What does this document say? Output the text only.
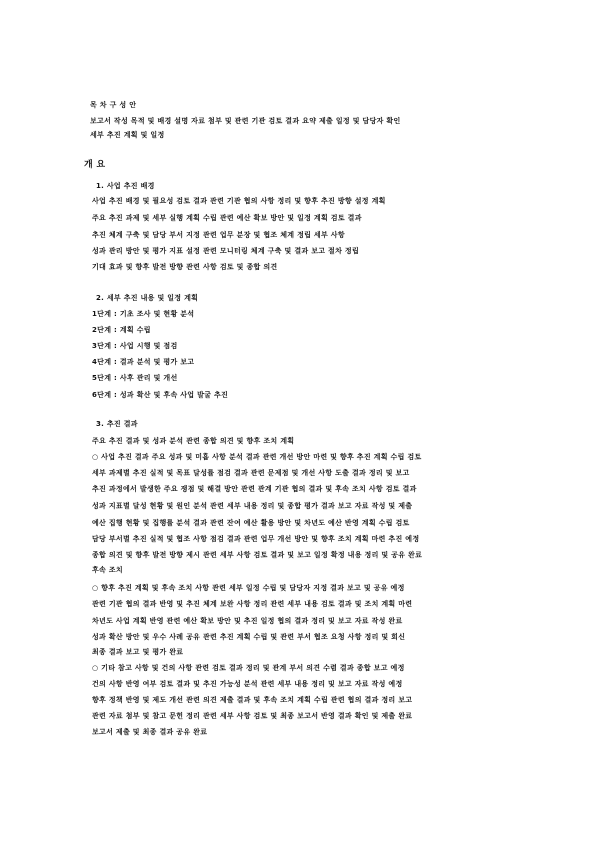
목 차 구 성 안
보고서 작성 목적 및 배경 설명 자료 첨부 및 관련 기관 검토 결과 요약 제출 일정 및 담당자 확인
세부 추진 계획 및 일정
개 요
1. 사업 추진 배경
사업 추진 배경 및 필요성 검토 결과 관련 기관 협의 사항 정리 및 향후 추진 방향 설정 계획
주요 추진 과제 및 세부 실행 계획 수립 관련 예산 확보 방안 및 일정 계획 검토 결과
추진 체계 구축 및 담당 부서 지정 관련 업무 분장 및 협조 체계 정립 세부 사항
성과 관리 방안 및 평가 지표 설정 관련 모니터링 체계 구축 및 결과 보고 절차 정립
기대 효과 및 향후 발전 방향 관련 사항 검토 및 종합 의견
2. 세부 추진 내용 및 일정 계획
1단계 : 기초 조사 및 현황 분석
2단계 : 계획 수립
3단계 : 사업 시행 및 점검
4단계 : 결과 분석 및 평가 보고
5단계 : 사후 관리 및 개선
6단계 : 성과 확산 및 후속 사업 발굴 추진
3. 추진 결과
주요 추진 결과 및 성과 분석 관련 종합 의견 및 향후 조치 계획
○ 사업 추진 결과 주요 성과 및 미흡 사항 분석 결과 관련 개선 방안 마련 및 향후 추진 계획 수립 검토
세부 과제별 추진 실적 및 목표 달성률 점검 결과 관련 문제점 및 개선 사항 도출 결과 정리 및 보고
추진 과정에서 발생한 주요 쟁점 및 해결 방안 관련 관계 기관 협의 결과 및 후속 조치 사항 검토 결과
성과 지표별 달성 현황 및 원인 분석 관련 세부 내용 정리 및 종합 평가 결과 보고 자료 작성 및 제출
예산 집행 현황 및 집행률 분석 결과 관련 잔여 예산 활용 방안 및 차년도 예산 반영 계획 수립 검토
담당 부서별 추진 실적 및 협조 사항 점검 결과 관련 업무 개선 방안 및 향후 조치 계획 마련 추진 예정
종합 의견 및 향후 발전 방향 제시 관련 세부 사항 검토 결과 및 보고 일정 확정 내용 정리 및 공유 완료
후속 조치
○ 향후 추진 계획 및 후속 조치 사항 관련 세부 일정 수립 및 담당자 지정 결과 보고 및 공유 예정
관련 기관 협의 결과 반영 및 추진 체계 보완 사항 정리 관련 세부 내용 검토 결과 및 조치 계획 마련
차년도 사업 계획 반영 관련 예산 확보 방안 및 추진 일정 협의 결과 정리 및 보고 자료 작성 완료
성과 확산 방안 및 우수 사례 공유 관련 추진 계획 수립 및 관련 부서 협조 요청 사항 정리 및 회신
최종 결과 보고 및 평가 완료
○ 기타 참고 사항 및 건의 사항 관련 검토 결과 정리 및 관계 부서 의견 수렴 결과 종합 보고 예정
건의 사항 반영 여부 검토 결과 및 추진 가능성 분석 관련 세부 내용 정리 및 보고 자료 작성 예정
향후 정책 반영 및 제도 개선 관련 의견 제출 결과 및 후속 조치 계획 수립 관련 협의 결과 정리 보고
관련 자료 첨부 및 참고 문헌 정리 관련 세부 사항 검토 및 최종 보고서 반영 결과 확인 및 제출 완료
보고서 제출 및 최종 결과 공유 완료
